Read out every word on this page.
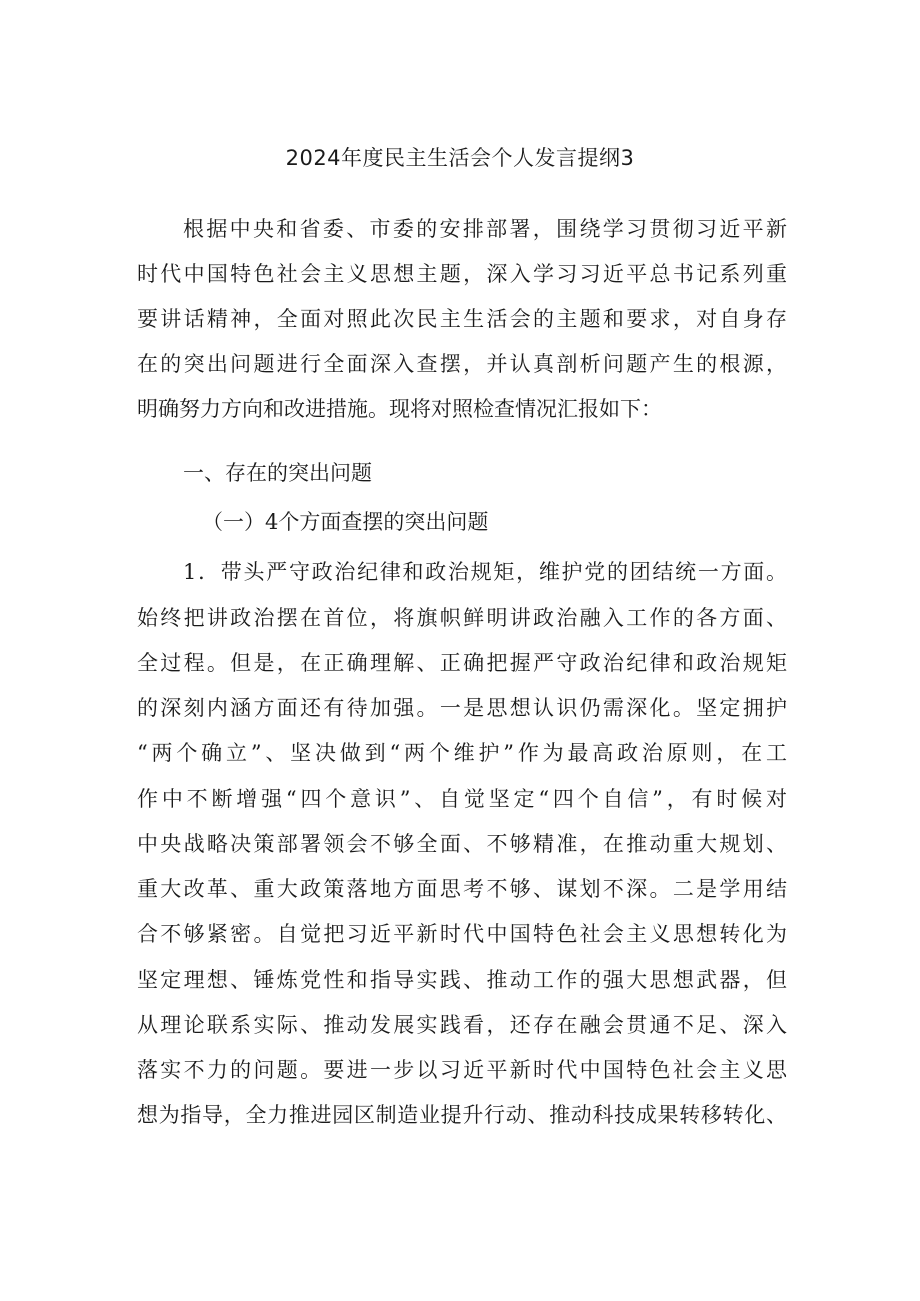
2024年度民主生活会个人发言提纲3
根据中央和省委、市委的安排部署，围绕学习贯彻习近平新
时代中国特色社会主义思想主题，深入学习习近平总书记系列重
要讲话精神，全面对照此次民主生活会的主题和要求，对自身存
在的突出问题进行全面深入查摆，并认真剖析问题产生的根源，
明确努力方向和改进措施。现将对照检查情况汇报如下：
一、存在的突出问题
（一）4个方面查摆的突出问题
1．带头严守政治纪律和政治规矩，维护党的团结统一方面。
始终把讲政治摆在首位，将旗帜鲜明讲政治融入工作的各方面、
全过程。但是，在正确理解、正确把握严守政治纪律和政治规矩
的深刻内涵方面还有待加强。一是思想认识仍需深化。坚定拥护
“两个确立”、坚决做到“两个维护”作为最高政治原则，在工
作中不断增强“四个意识”、自觉坚定“四个自信”，有时候对
中央战略决策部署领会不够全面、不够精准，在推动重大规划、
重大改革、重大政策落地方面思考不够、谋划不深。二是学用结
合不够紧密。自觉把习近平新时代中国特色社会主义思想转化为
坚定理想、锤炼党性和指导实践、推动工作的强大思想武器，但
从理论联系实际、推动发展实践看，还存在融会贯通不足、深入
落实不力的问题。要进一步以习近平新时代中国特色社会主义思
想为指导，全力推进园区制造业提升行动、推动科技成果转移转化、
